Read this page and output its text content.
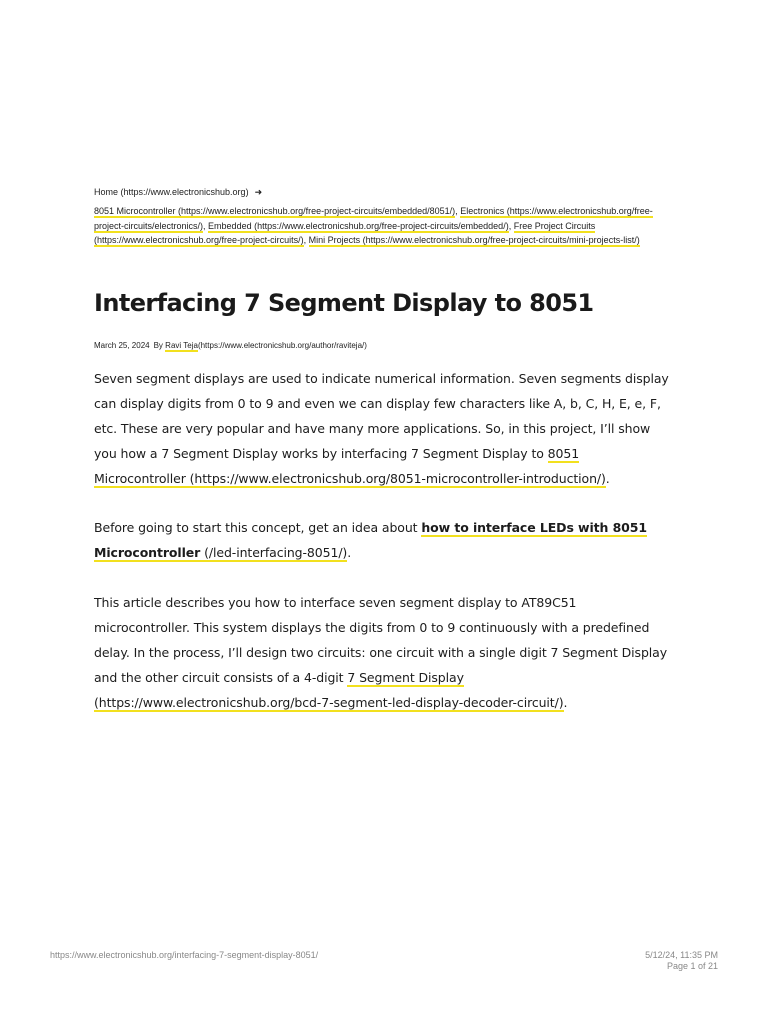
Home (https://www.electronicshub.org) ➜
8051 Microcontroller (https://www.electronicshub.org/free-project-circuits/embedded/8051/), Electronics (https://www.electronicshub.org/free-project-circuits/electronics/), Embedded (https://www.electronicshub.org/free-project-circuits/embedded/), Free Project Circuits (https://www.electronicshub.org/free-project-circuits/), Mini Projects (https://www.electronicshub.org/free-project-circuits/mini-projects-list/)
Interfacing 7 Segment Display to 8051
March 25, 2024 By Ravi Teja(https://www.electronicshub.org/author/raviteja/)

Seven segment displays are used to indicate numerical information. Seven segments display can display digits from 0 to 9 and even we can display few characters like A, b, C, H, E, e, F, etc. These are very popular and have many more applications. So, in this project, I’ll show you how a 7 Segment Display works by interfacing 7 Segment Display to 8051 Microcontroller (https://www.electronicshub.org/8051-microcontroller-introduction/).

Before going to start this concept, get an idea about how to interface LEDs with 8051 Microcontroller (/led-interfacing-8051/).

This article describes you how to interface seven segment display to AT89C51 microcontroller. This system displays the digits from 0 to 9 continuously with a predefined delay. In the process, I’ll design two circuits: one circuit with a single digit 7 Segment Display and the other circuit consists of a 4-digit 7 Segment Display (https://www.electronicshub.org/bcd-7-segment-led-display-decoder-circuit/).

https://www.electronicshub.org/interfacing-7-segment-display-8051/	5/12/24, 11:35 PM
Page 1 of 21
